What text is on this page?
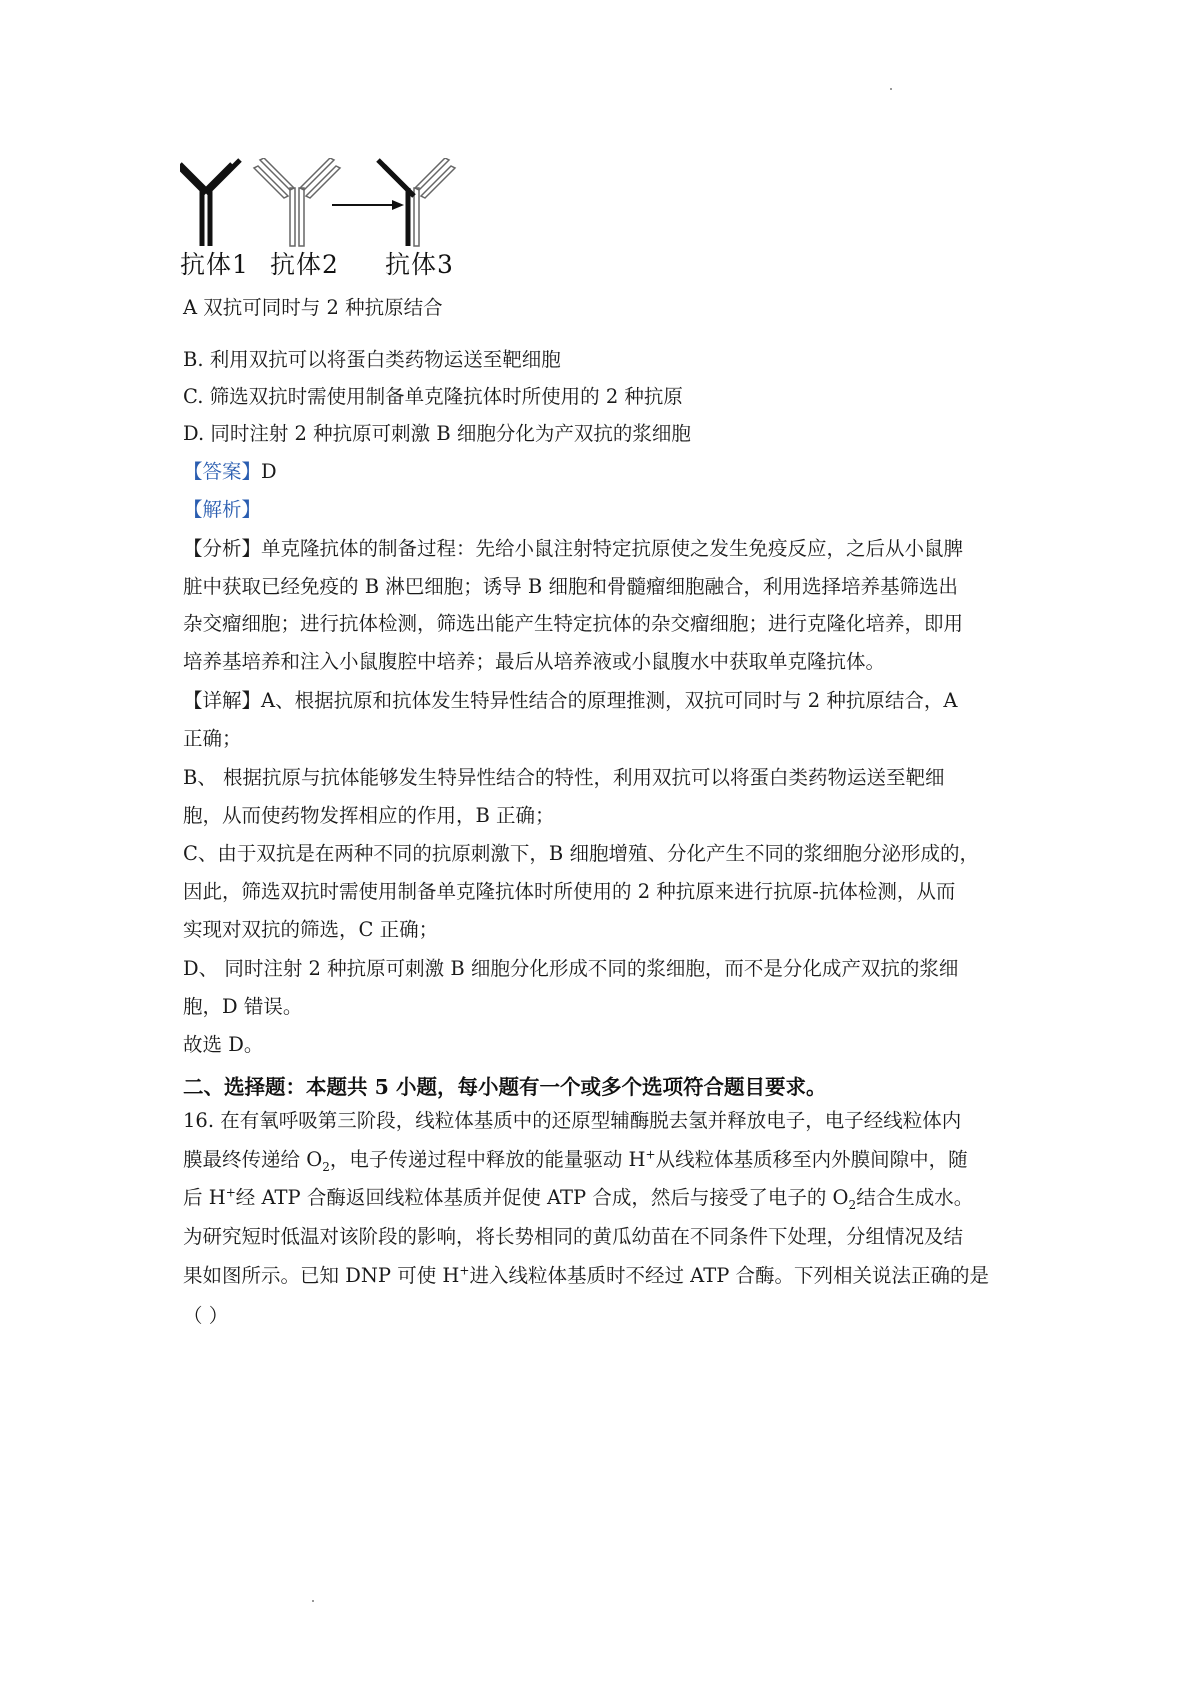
抗体1 抗体2 抗体3
A 双抗可同时与 2 种抗原结合
B. 利用双抗可以将蛋白类药物运送至靶细胞
C. 筛选双抗时需使用制备单克隆抗体时所使用的 2 种抗原
D. 同时注射 2 种抗原可刺激 B 细胞分化为产双抗的浆细胞
【答案】D
【解析】
【分析】单克隆抗体的制备过程：先给小鼠注射特定抗原使之发生免疫反应，之后从小鼠脾
脏中获取已经免疫的 B 淋巴细胞；诱导 B 细胞和骨髓瘤细胞融合，利用选择培养基筛选出
杂交瘤细胞；进行抗体检测，筛选出能产生特定抗体的杂交瘤细胞；进行克隆化培养，即用
培养基培养和注入小鼠腹腔中培养；最后从培养液或小鼠腹水中获取单克隆抗体。
【详解】A、根据抗原和抗体发生特异性结合的原理推测，双抗可同时与 2 种抗原结合，A
正确；
B、 根据抗原与抗体能够发生特异性结合的特性，利用双抗可以将蛋白类药物运送至靶细
胞，从而使药物发挥相应的作用，B 正确；
C、由于双抗是在两种不同的抗原刺激下，B 细胞增殖、分化产生不同的浆细胞分泌形成的，
因此，筛选双抗时需使用制备单克隆抗体时所使用的 2 种抗原来进行抗原-抗体检测，从而
实现对双抗的筛选，C 正确；
D、 同时注射 2 种抗原可刺激 B 细胞分化形成不同的浆细胞，而不是分化成产双抗的浆细
胞，D 错误。
故选 D。
二、选择题：本题共 5 小题，每小题有一个或多个选项符合题目要求。
16. 在有氧呼吸第三阶段，线粒体基质中的还原型辅酶脱去氢并释放电子，电子经线粒体内
膜最终传递给 $O_2$，电子传递过程中释放的能量驱动 H+从线粒体基质移至内外膜间隙中，随
后 H+经 ATP 合酶返回线粒体基质并促使 ATP 合成，然后与接受了电子的 $O_2$结合生成水。
为研究短时低温对该阶段的影响，将长势相同的黄瓜幼苗在不同条件下处理，分组情况及结
果如图所示。已知 DNP 可使 H+进入线粒体基质时不经过 ATP 合酶。下列相关说法正确的是
（ ）
